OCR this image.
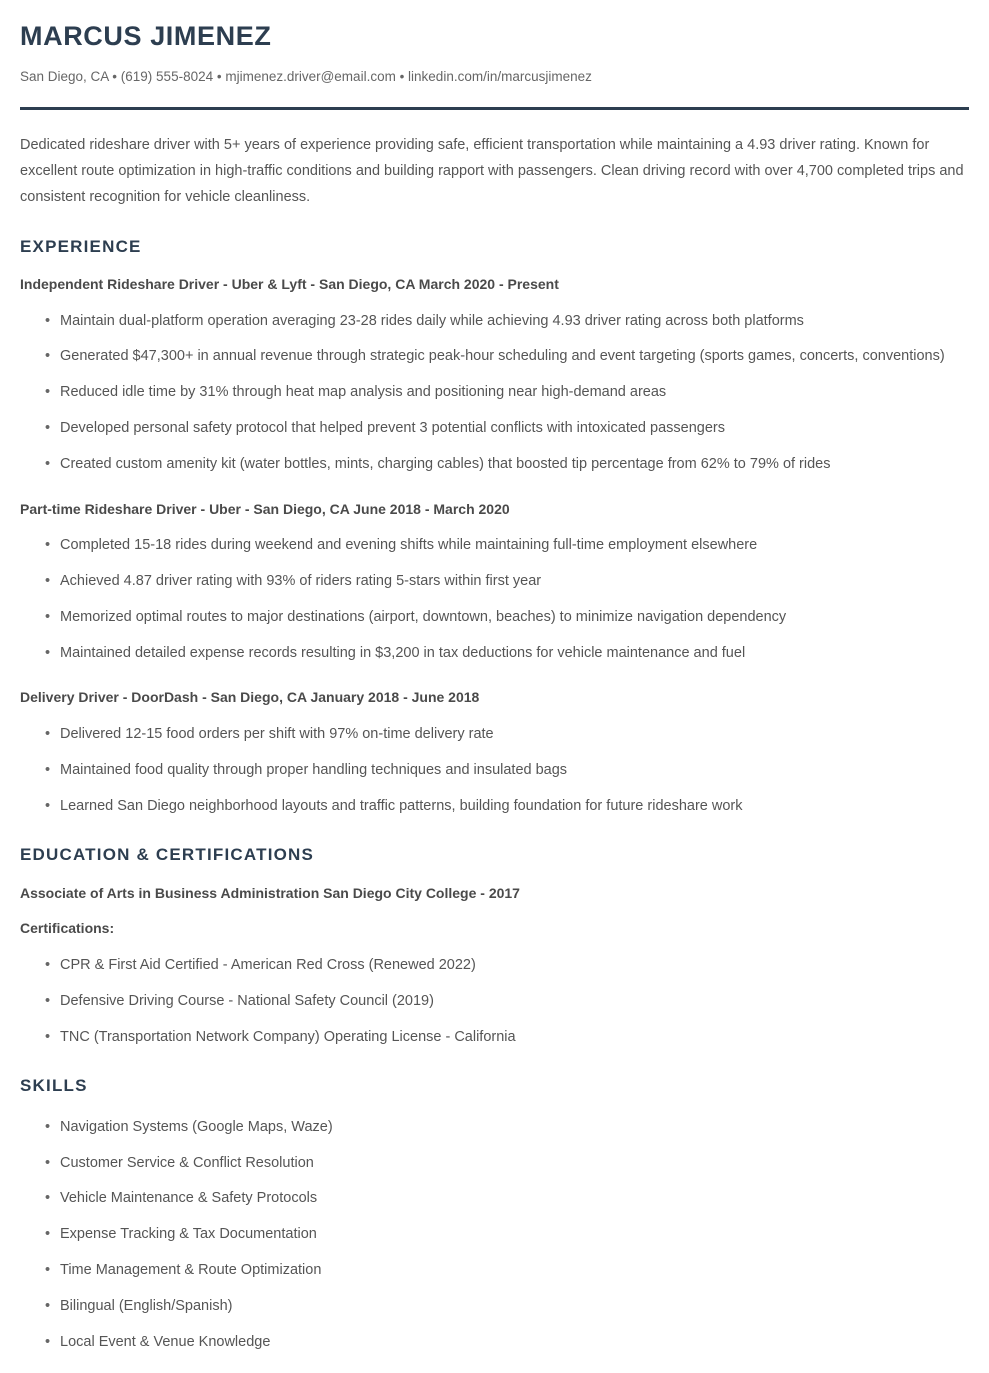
MARCUS JIMENEZ

San Diego, CA • (619) 555-8024 • mjimenez.driver@email.com • linkedin.com/in/marcusjimenez

Dedicated rideshare driver with 5+ years of experience providing safe, efficient transportation while maintaining a 4.93 driver rating. Known for excellent route optimization in high-traffic conditions and building rapport with passengers. Clean driving record with over 4,700 completed trips and consistent recognition for vehicle cleanliness.

EXPERIENCE
Independent Rideshare Driver - Uber & Lyft - San Diego, CA March 2020 - Present
• Maintain dual-platform operation averaging 23-28 rides daily while achieving 4.93 driver rating across both platforms
• Generated $47,300+ in annual revenue through strategic peak-hour scheduling and event targeting (sports games, concerts, conventions)
• Reduced idle time by 31% through heat map analysis and positioning near high-demand areas
• Developed personal safety protocol that helped prevent 3 potential conflicts with intoxicated passengers
• Created custom amenity kit (water bottles, mints, charging cables) that boosted tip percentage from 62% to 79% of rides
Part-time Rideshare Driver - Uber - San Diego, CA June 2018 - March 2020
• Completed 15-18 rides during weekend and evening shifts while maintaining full-time employment elsewhere
• Achieved 4.87 driver rating with 93% of riders rating 5-stars within first year
• Memorized optimal routes to major destinations (airport, downtown, beaches) to minimize navigation dependency
• Maintained detailed expense records resulting in $3,200 in tax deductions for vehicle maintenance and fuel
Delivery Driver - DoorDash - San Diego, CA January 2018 - June 2018
• Delivered 12-15 food orders per shift with 97% on-time delivery rate
• Maintained food quality through proper handling techniques and insulated bags
• Learned San Diego neighborhood layouts and traffic patterns, building foundation for future rideshare work
EDUCATION & CERTIFICATIONS
Associate of Arts in Business Administration San Diego City College - 2017
Certifications:
• CPR & First Aid Certified - American Red Cross (Renewed 2022)
• Defensive Driving Course - National Safety Council (2019)
• TNC (Transportation Network Company) Operating License - California
SKILLS
• Navigation Systems (Google Maps, Waze)
• Customer Service & Conflict Resolution
• Vehicle Maintenance & Safety Protocols
• Expense Tracking & Tax Documentation
• Time Management & Route Optimization
• Bilingual (English/Spanish)
• Local Event & Venue Knowledge
